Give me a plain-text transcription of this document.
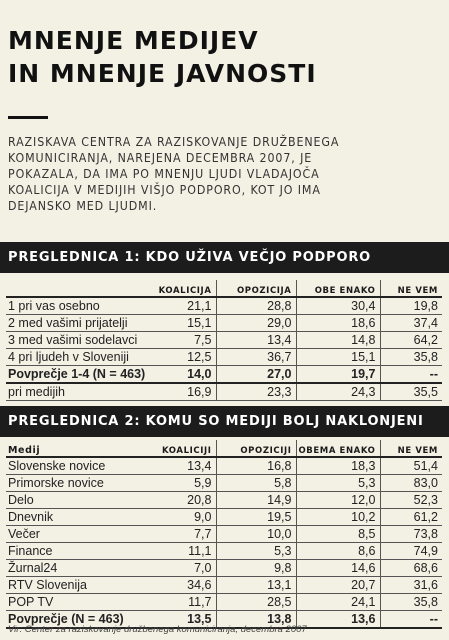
MNENJE MEDIJEV
IN MNENJE JAVNOSTI
RAZISKAVA CENTRA ZA RAZISKOVANJE DRUŽBENEGA
KOMUNICIRANJA, NAREJENA DECEMBRA 2007, JE
POKAZALA, DA IMA PO MNENJU LJUDI VLADAJOČA
KOALICIJA V MEDIJIH VIŠJO PODPORO, KOT JO IMA
DEJANSKO MED LJUDMI.
PREGLEDNICA 1: KDO UŽIVA VEČJO PODPORO
	KOALICIJA	OPOZICIJA	OBE ENAKO	NE VEM
1 pri vas osebno	21,1	28,8	30,4	19,8
2 med vašimi prijatelji	15,1	29,0	18,6	37,4
3 med vašimi sodelavci	7,5	13,4	14,8	64,2
4 pri ljudeh v Sloveniji	12,5	36,7	15,1	35,8
Povprečje 1-4 (N = 463)	14,0	27,0	19,7	--
pri medijih	16,9	23,3	24,3	35,5
PREGLEDNICA 2: KOMU SO MEDIJI BOLJ NAKLONJENI
Medij	KOALICIJI	OPOZICIJI	OBEMA ENAKO	NE VEM
Slovenske novice	13,4	16,8	18,3	51,4
Primorske novice	5,9	5,8	5,3	83,0
Delo	20,8	14,9	12,0	52,3
Dnevnik	9,0	19,5	10,2	61,2
Večer	7,7	10,0	8,5	73,8
Finance	11,1	5,3	8,6	74,9
Žurnal24	7,0	9,8	14,6	68,6
RTV Slovenija	34,6	13,1	20,7	31,6
POP TV	11,7	28,5	24,1	35,8
Povprečje (N = 463)	13,5	13,8	13,6	--
Vir: Center za raziskovanje družbenega komuniciranja, decembra 2007
